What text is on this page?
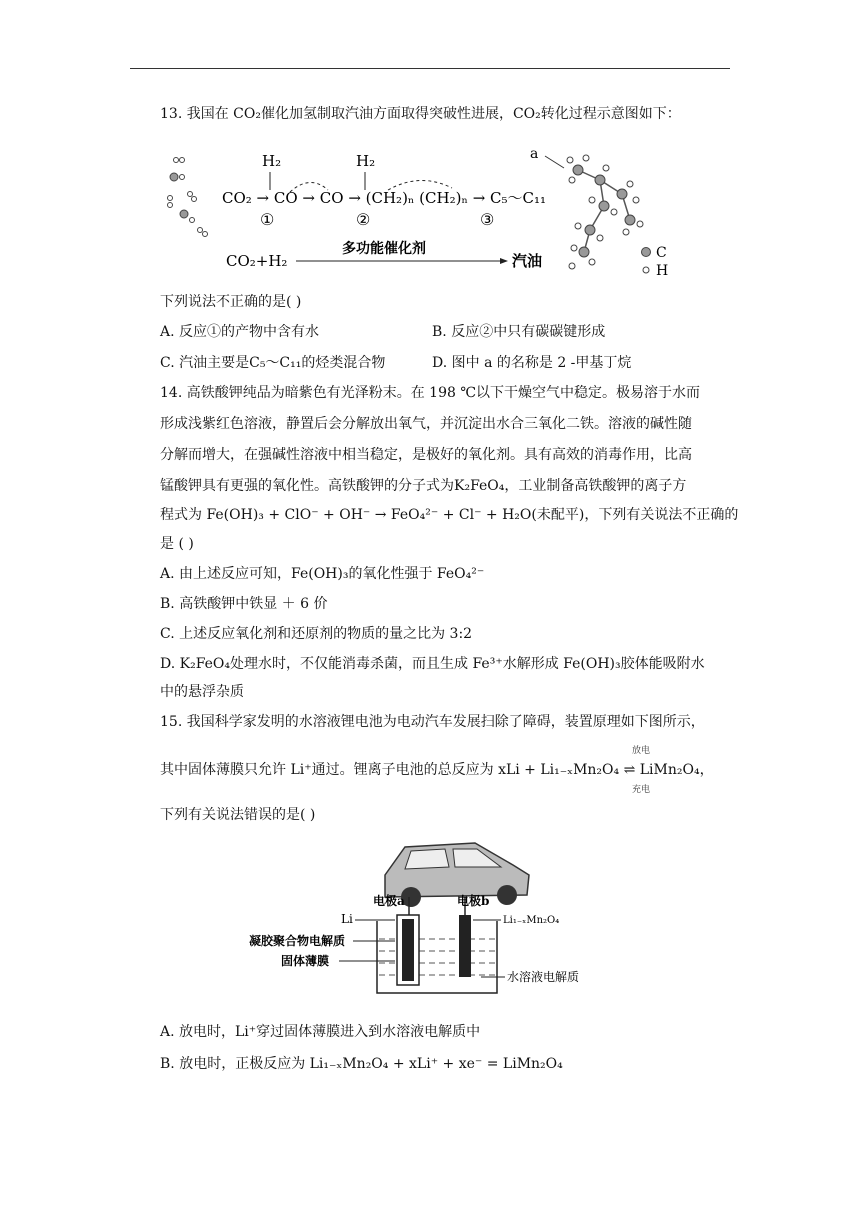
13. 我国在 CO₂催化加氢制取汽油方面取得突破性进展，CO₂转化过程示意图如下：
H₂	H₂
CO₂ → CO → CO → (CH₂)ₙ (CH₂)ₙ → C₅～C₁₁
①	②	③
CO₂+H₂
多功能催化剂
汽油
a
C
H
下列说法不正确的是( )
A. 反应①的产物中含有水	B. 反应②中只有碳碳键形成
C. 汽油主要是C₅～C₁₁的烃类混合物	D. 图中 a 的名称是 2 ‑甲基丁烷
14. 高铁酸钾纯品为暗紫色有光泽粉末。在 198 ℃以下干燥空气中稳定。极易溶于水而
形成浅紫红色溶液，静置后会分解放出氧气，并沉淀出水合三氧化二铁。溶液的碱性随
分解而增大，在强碱性溶液中相当稳定，是极好的氧化剂。具有高效的消毒作用，比高
锰酸钾具有更强的氧化性。高铁酸钾的分子式为K₂FeO₄，工业制备高铁酸钾的离子方
程式为 Fe(OH)₃ + ClO⁻ + OH⁻ → FeO₄²⁻ + Cl⁻ + H₂O(未配平)，下列有关说法不正确的
是 ( )
A. 由上述反应可知，Fe(OH)₃的氧化性强于 FeO₄²⁻
B. 高铁酸钾中铁显 ＋ 6 价
C. 上述反应氧化剂和还原剂的物质的量之比为 3:2
D. K₂FeO₄处理水时，不仅能消毒杀菌，而且生成 Fe³⁺水解形成 Fe(OH)₃胶体能吸附水
中的悬浮杂质
15. 我国科学家发明的水溶液锂电池为电动汽车发展扫除了障碍，装置原理如下图所示，
放电
其中固体薄膜只允许 Li⁺通过。锂离子电池的总反应为 xLi + Li₁₋ₓMn₂O₄ ⇌ LiMn₂O₄，
充电
下列有关说法错误的是( )
电极a	电极b
Li	Li₁₋ₓMn₂O₄
凝胶聚合物电解质
固体薄膜
水溶液电解质
A. 放电时，Li⁺穿过固体薄膜进入到水溶液电解质中
B. 放电时，正极反应为 Li₁₋ₓMn₂O₄ + xLi⁺ + xe⁻ = LiMn₂O₄
